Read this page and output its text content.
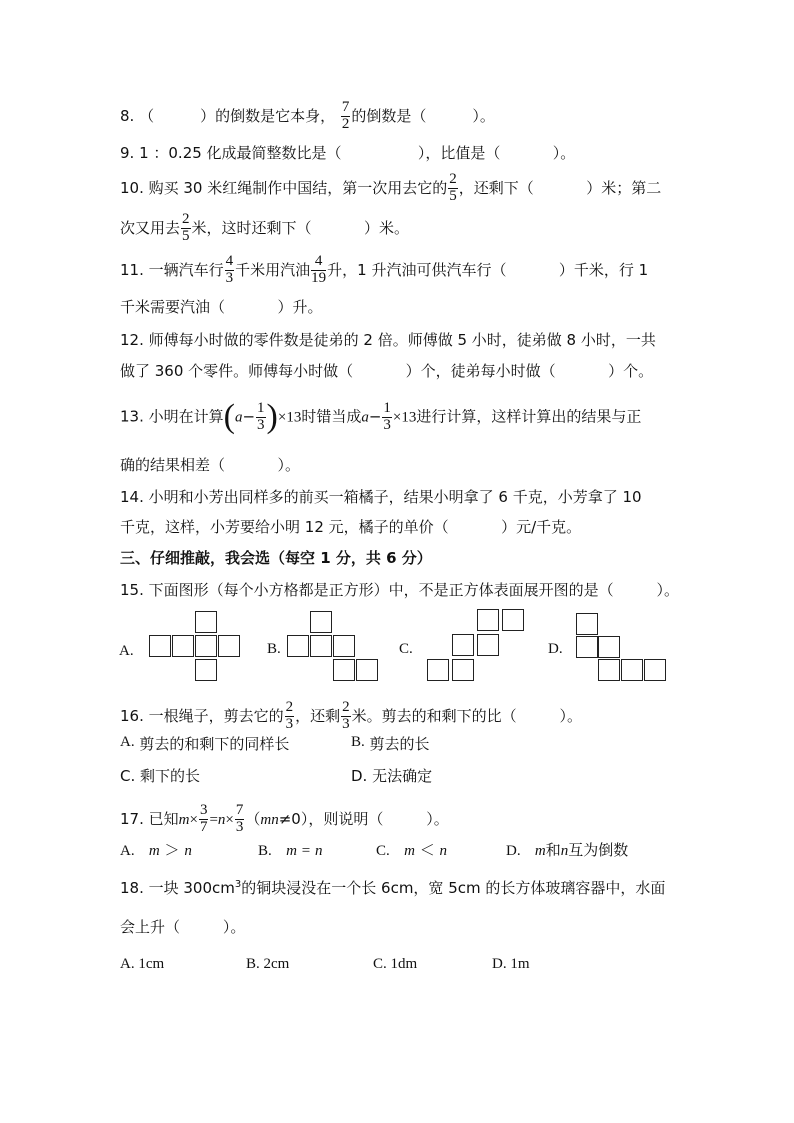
8. （	）的倒数是它本身， $\frac{7}{2}$ 的倒数是（	）。
9. 1 ：0.25 化成最简整数比是（                ），比值是（           ）。
10. 购买 30 米红绳制作中国结，第一次用去它的 $\frac{2}{5}$ ，还剩下（           ）米；第二
次又用去 $\frac{2}{5}$ 米，这时还剩下（           ）米。
11. 一辆汽车行 $\frac{4}{3}$ 千米用汽油 $\frac{4}{19}$ 升，1 升汽油可供汽车行（           ）千米，行 1
千米需要汽油（           ）升。
12. 师傅每小时做的零件数是徒弟的 2 倍。师傅做 5 小时，徒弟做 8 小时，一共
做了 360 个零件。师傅每小时做（           ）个，徒弟每小时做（           ）个。
13. 小明在计算$(a- \frac{1}{3} )\times 13$时错当成$a- \frac{1}{3} \times 13$进行计算，这样计算出的结果与正
确的结果相差（           ）。
14. 小明和小芳出同样多的前买一箱橘子，结果小明拿了 6 千克，小芳拿了 10
千克，这样，小芳要给小明 12 元，橘子的单价（           ）元/千克。
三、仔细推敲，我会选（每空 1 分，共 6 分）
15. 下面图形（每个小方格都是正方形）中，不是正方体表面展开图的是（         ）。
A.	B.	C.	D.
16. 一根绳子，剪去它的 $\frac{2}{3}$ ，还剩 $\frac{2}{3}$ 米。剪去的和剩下的比（         ）。
A. 剪去的和剩下的同样长	B. 剪去的长
C. 剩下的长	D. 无法确定
17. 已知$m\times \frac{3}{7} =n\times \frac{7}{3} (mn\ne 0)$，则说明（         ）。
A. m ＞ n	B. m = n	C. m ＜ n	D. m和n互为倒数
18. 一块 $300cm^3$的铜块浸没在一个长 6cm，宽 5cm 的长方体玻璃容器中，水面
会上升（         ）。
A. 1cm	B. 2cm	C. 1dm	D. 1m
